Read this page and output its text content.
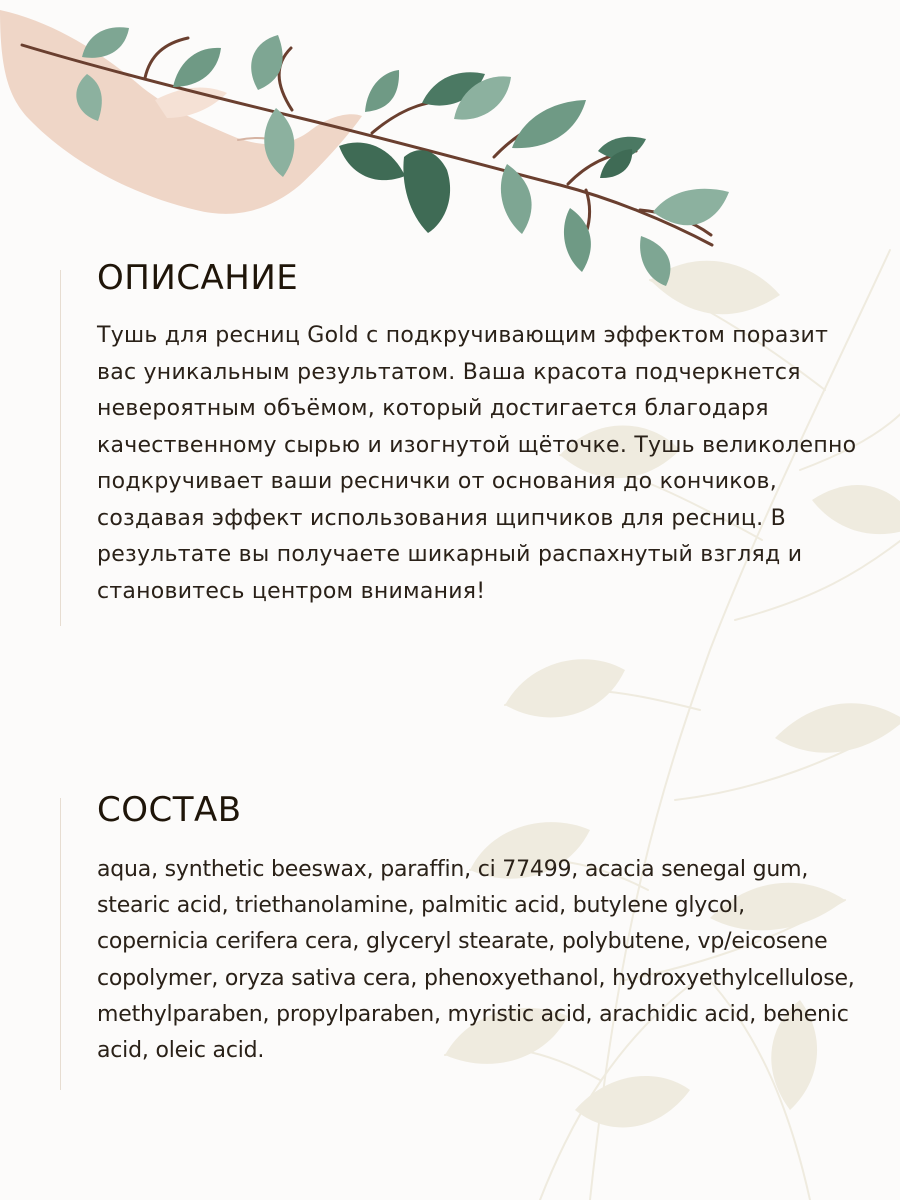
ОПИСАНИЕ

Тушь для ресниц Gold с подкручивающим эффектом поразит вас уникальным результатом. Ваша красота подчеркнется невероятным объёмом, который достигается благодаря качественному сырью и изогнутой щёточке. Тушь великолепно подкручивает ваши реснички от основания до кончиков, создавая эффект использования щипчиков для ресниц. В результате вы получаете шикарный распахнутый взгляд и становитесь центром внимания!

СОСТАВ

aqua, synthetic beeswax, paraffin, ci 77499, acacia senegal gum, stearic acid, triethanolamine, palmitic acid, butylene glycol, copernicia cerifera cera, glyceryl stearate, polybutene, vp/eicosene copolymer, oryza sativa cera, phenoxyethanol, hydroxyethylcellulose, methylparaben, propylparaben, myristic acid, arachidic acid, behenic acid, oleic acid.
